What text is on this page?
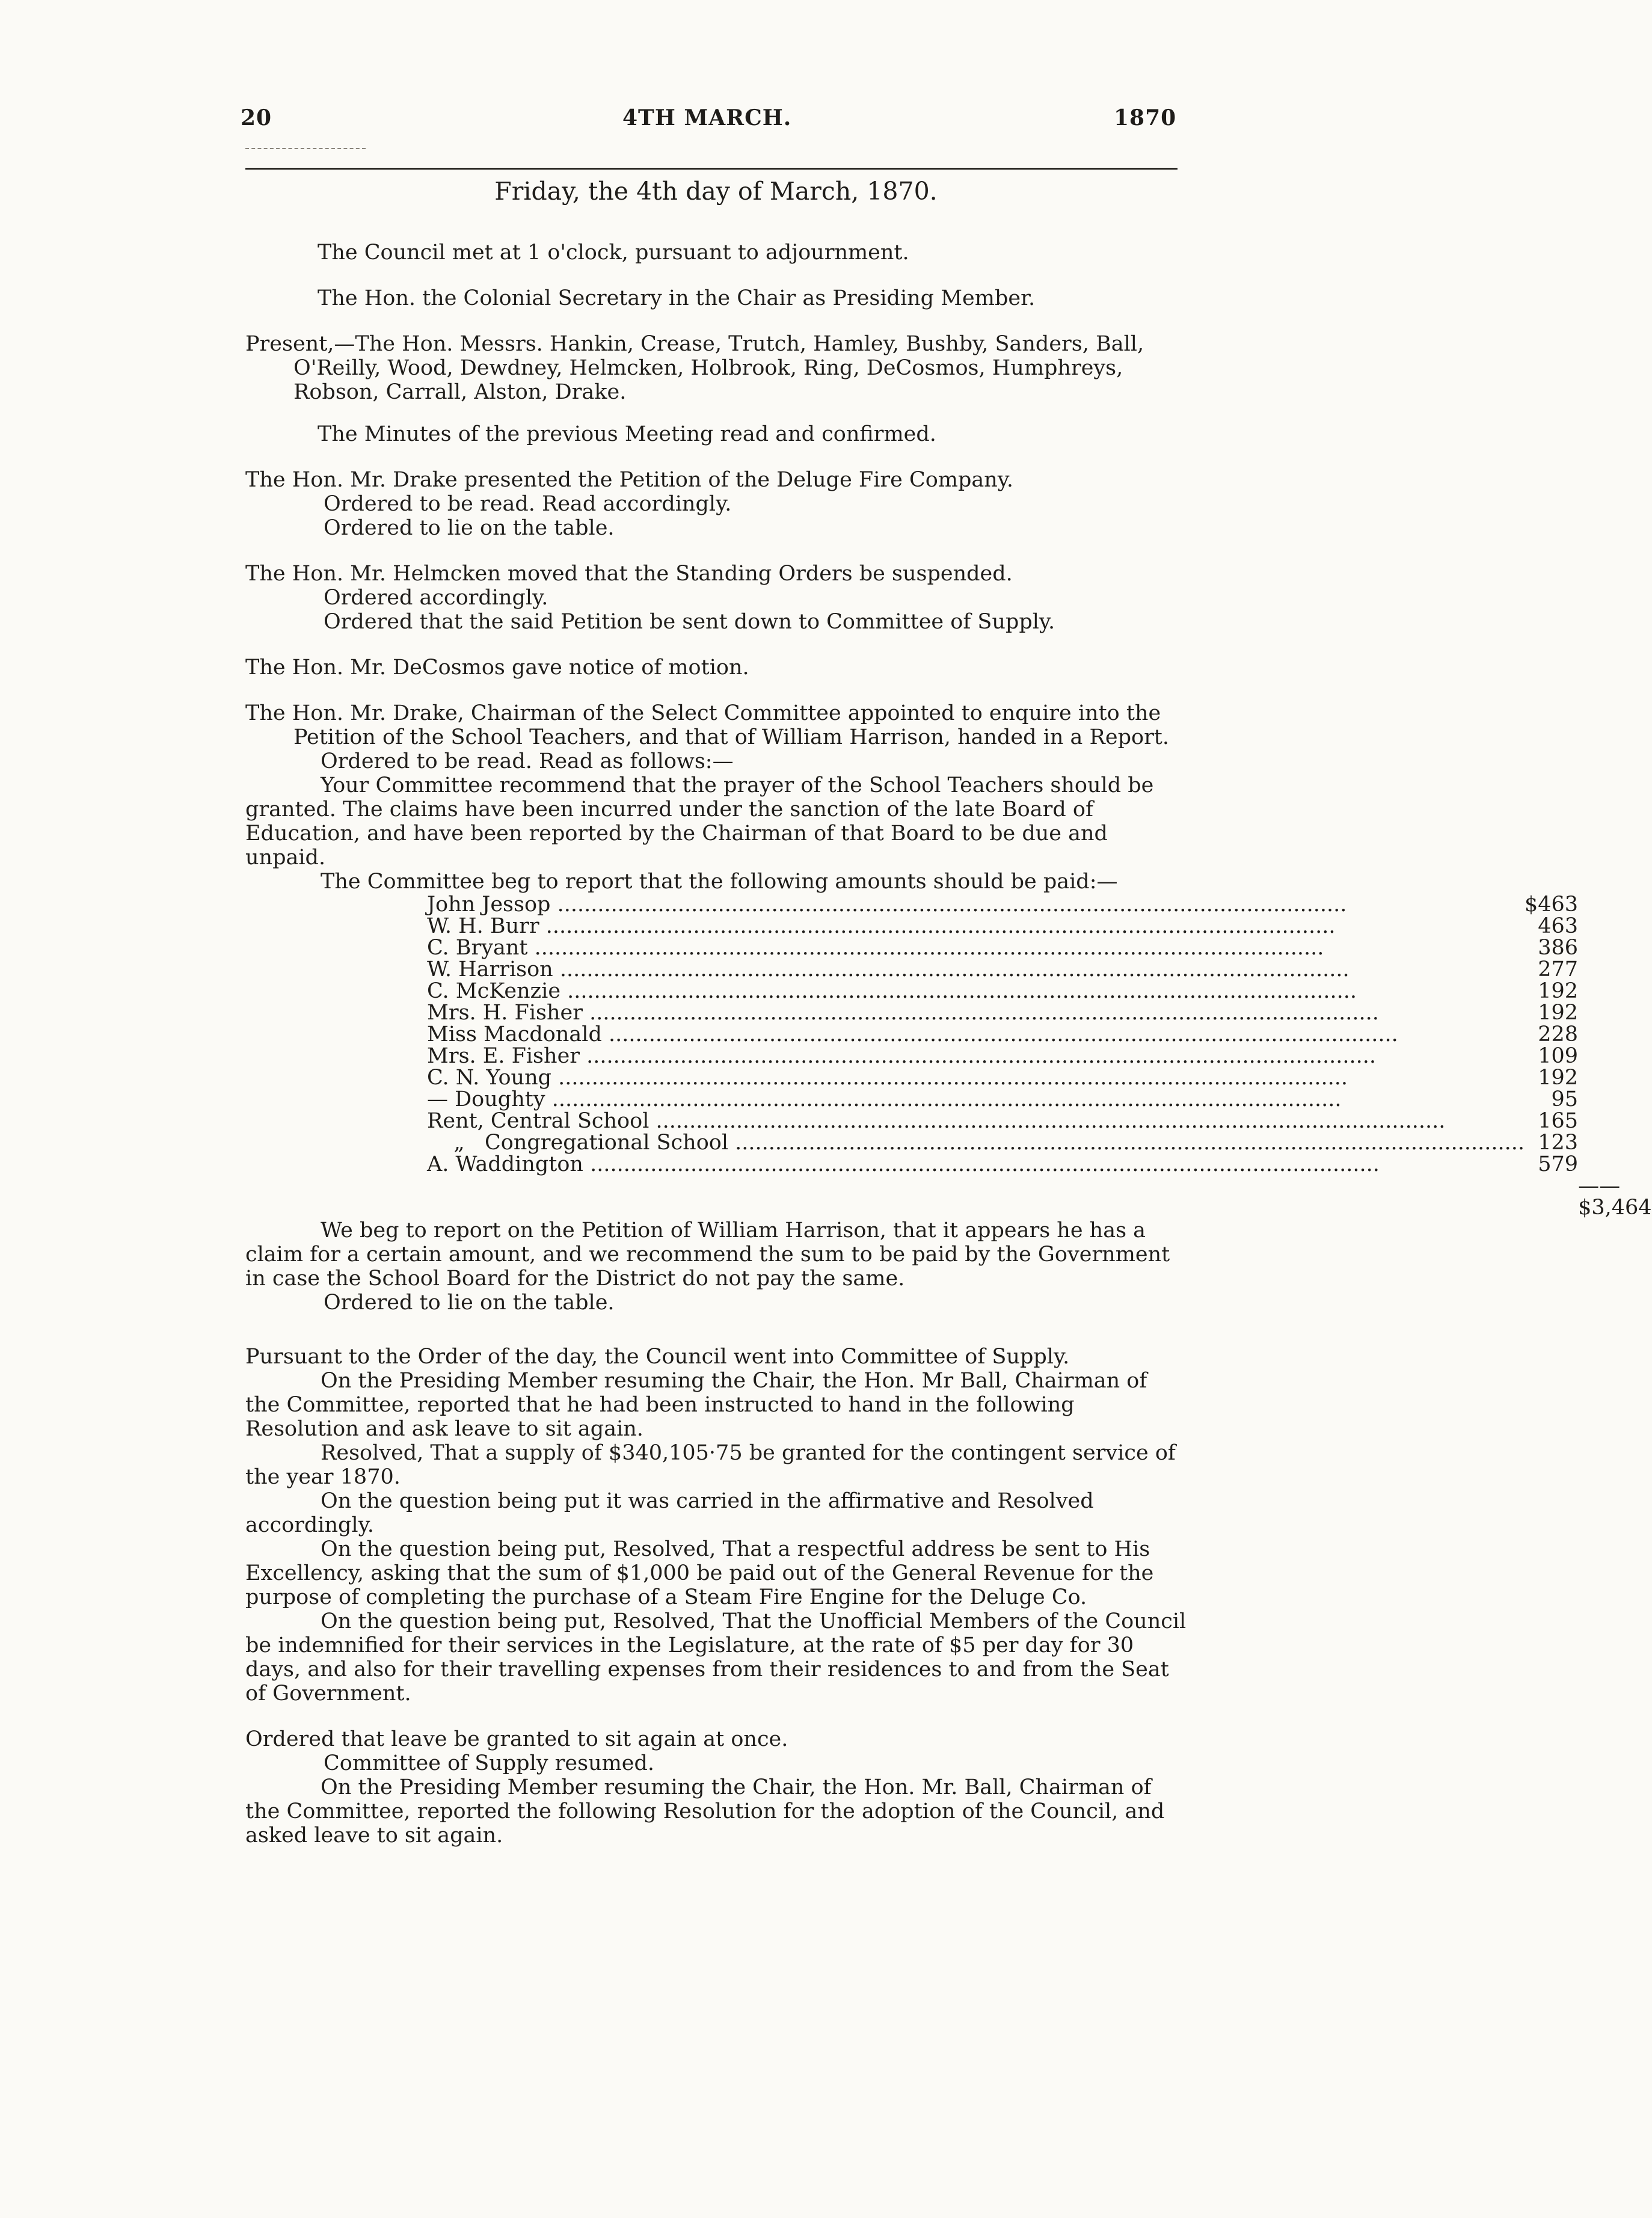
20	4TH MARCH.	1870

Friday, the 4th day of March, 1870.

The Council met at 1 o'clock, pursuant to adjournment.

The Hon. the Colonial Secretary in the Chair as Presiding Member.

Present,—The Hon. Messrs. Hankin, Crease, Trutch, Hamley, Bushby, Sanders, Ball, O'Reilly, Wood, Dewdney, Helmcken, Holbrook, Ring, DeCosmos, Humphreys, Robson, Carrall, Alston, Drake.

The Minutes of the previous Meeting read and confirmed.

The Hon. Mr. Drake presented the Petition of the Deluge Fire Company.

Ordered to be read. Read accordingly.

Ordered to lie on the table.

The Hon. Mr. Helmcken moved that the Standing Orders be suspended.

Ordered accordingly.

Ordered that the said Petition be sent down to Committee of Supply.

The Hon. Mr. DeCosmos gave notice of motion.

The Hon. Mr. Drake, Chairman of the Select Committee appointed to enquire into the Petition of the School Teachers, and that of William Harrison, handed in a Report.

Ordered to be read. Read as follows:—

Your Committee recommend that the prayer of the School Teachers should be granted. The claims have been incurred under the sanction of the late Board of Education, and have been reported by the Chairman of that Board to be due and unpaid.

The Committee beg to report that the following amounts should be paid:—

John Jessop .....	$463	
W. H. Burr .....	463	
C. Bryant .....	386	
W. Harrison .....	277	
C. McKenzie .....	192	
Mrs. H. Fisher .....	192	
Miss Macdonald .....	228	
Mrs. E. Fisher .....	109	
C. N. Young .....	192	
— Doughty .....	95	
Rent, Central School .....	165	
„   Congregational School .....	123	
A. Waddington .....	579	
		——$3,464

We beg to report on the Petition of William Harrison, that it appears he has a claim for a certain amount, and we recommend the sum to be paid by the Government in case the School Board for the District do not pay the same.

Ordered to lie on the table.

Pursuant to the Order of the day, the Council went into Committee of Supply.

On the Presiding Member resuming the Chair, the Hon. Mr Ball, Chairman of the Committee, reported that he had been instructed to hand in the following Resolution and ask leave to sit again.

Resolved, That a supply of $340,105·75 be granted for the contingent service of the year 1870.

On the question being put it was carried in the affirmative and Resolved accordingly.

On the question being put, Resolved, That a respectful address be sent to His Excellency, asking that the sum of $1,000 be paid out of the General Revenue for the purpose of completing the purchase of a Steam Fire Engine for the Deluge Co.

On the question being put, Resolved, That the Unofficial Members of the Council be indemnified for their services in the Legislature, at the rate of $5 per day for 30 days, and also for their travelling expenses from their residences to and from the Seat of Government.

Ordered that leave be granted to sit again at once.

Committee of Supply resumed.

On the Presiding Member resuming the Chair, the Hon. Mr. Ball, Chairman of the Committee, reported the following Resolution for the adoption of the Council, and asked leave to sit again.
